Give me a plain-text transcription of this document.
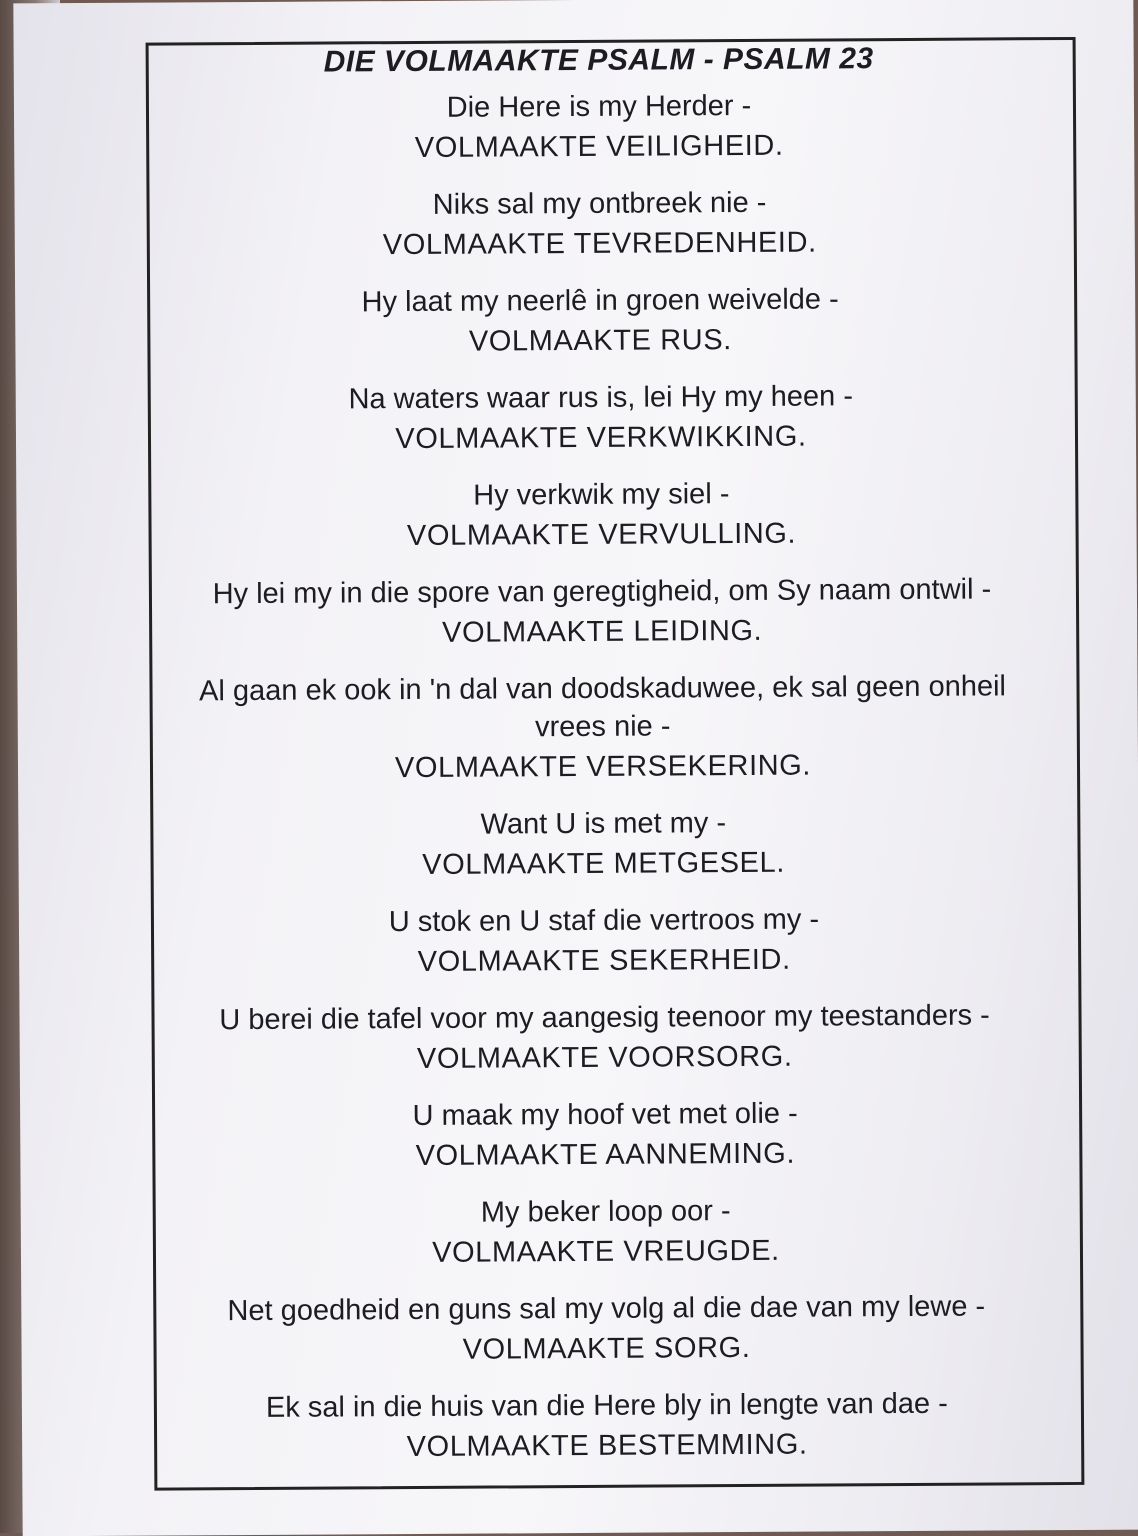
DIE VOLMAAKTE PSALM - PSALM 23
Die Here is my Herder -
VOLMAAKTE VEILIGHEID.
Niks sal my ontbreek nie -
VOLMAAKTE TEVREDENHEID.
Hy laat my neerlê in groen weivelde -
VOLMAAKTE RUS.
Na waters waar rus is, lei Hy my heen -
VOLMAAKTE VERKWIKKING.
Hy verkwik my siel -
VOLMAAKTE VERVULLING.
Hy lei my in die spore van geregtigheid, om Sy naam ontwil -
VOLMAAKTE LEIDING.
Al gaan ek ook in 'n dal van doodskaduwee, ek sal geen onheil
vrees nie -
VOLMAAKTE VERSEKERING.
Want U is met my -
VOLMAAKTE METGESEL.
U stok en U staf die vertroos my -
VOLMAAKTE SEKERHEID.
U berei die tafel voor my aangesig teenoor my teestanders -
VOLMAAKTE VOORSORG.
U maak my hoof vet met olie -
VOLMAAKTE AANNEMING.
My beker loop oor -
VOLMAAKTE VREUGDE.
Net goedheid en guns sal my volg al die dae van my lewe -
VOLMAAKTE SORG.
Ek sal in die huis van die Here bly in lengte van dae -
VOLMAAKTE BESTEMMING.
